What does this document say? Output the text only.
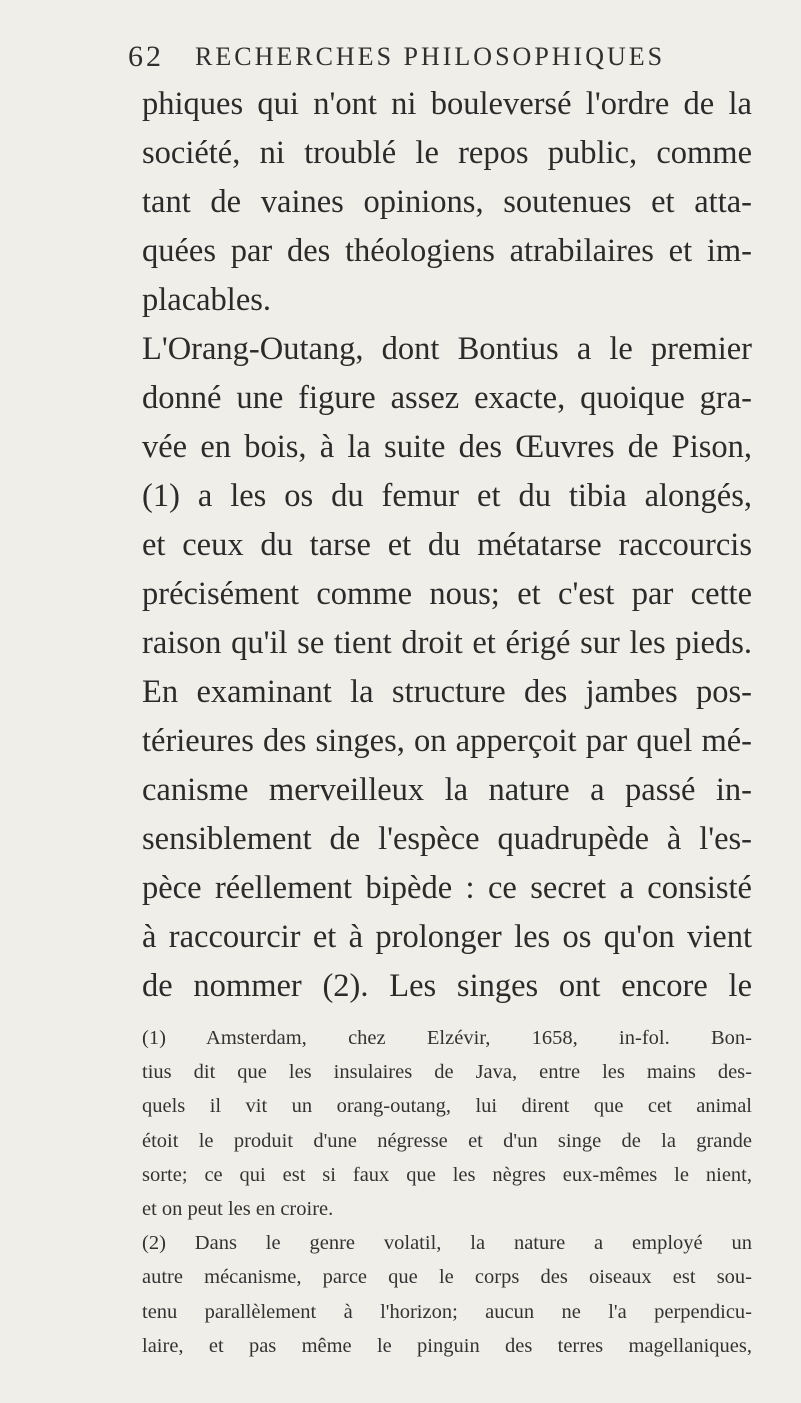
62 RECHERCHES PHILOSOPHIQUES
phiques qui n'ont ni bouleversé l'ordre de la
société, ni troublé le repos public, comme
tant de vaines opinions, soutenues et atta-
quées par des théologiens atrabilaires et im-
placables.
L'Orang-Outang, dont Bontius a le premier
donné une figure assez exacte, quoique gra-
vée en bois, à la suite des Œuvres de Pison,
(1) a les os du femur et du tibia alongés,
et ceux du tarse et du métatarse raccourcis
précisément comme nous; et c'est par cette
raison qu'il se tient droit et érigé sur les pieds.
En examinant la structure des jambes pos-
térieures des singes, on apperçoit par quel mé-
canisme merveilleux la nature a passé in-
sensiblement de l'espèce quadrupède à l'es-
pèce réellement bipède : ce secret a consisté
à raccourcir et à prolonger les os qu'on vient
de nommer (2). Les singes ont encore le
(1) Amsterdam, chez Elzévir, 1658, in-fol. Bon-
tius dit que les insulaires de Java, entre les mains des-
quels il vit un orang-outang, lui dirent que cet animal
étoit le produit d'une négresse et d'un singe de la grande
sorte; ce qui est si faux que les nègres eux-mêmes le nient,
et on peut les en croire.
(2) Dans le genre volatil, la nature a employé un
autre mécanisme, parce que le corps des oiseaux est sou-
tenu parallèlement à l'horizon; aucun ne l'a perpendicu-
laire, et pas même le pinguin des terres magellaniques,
